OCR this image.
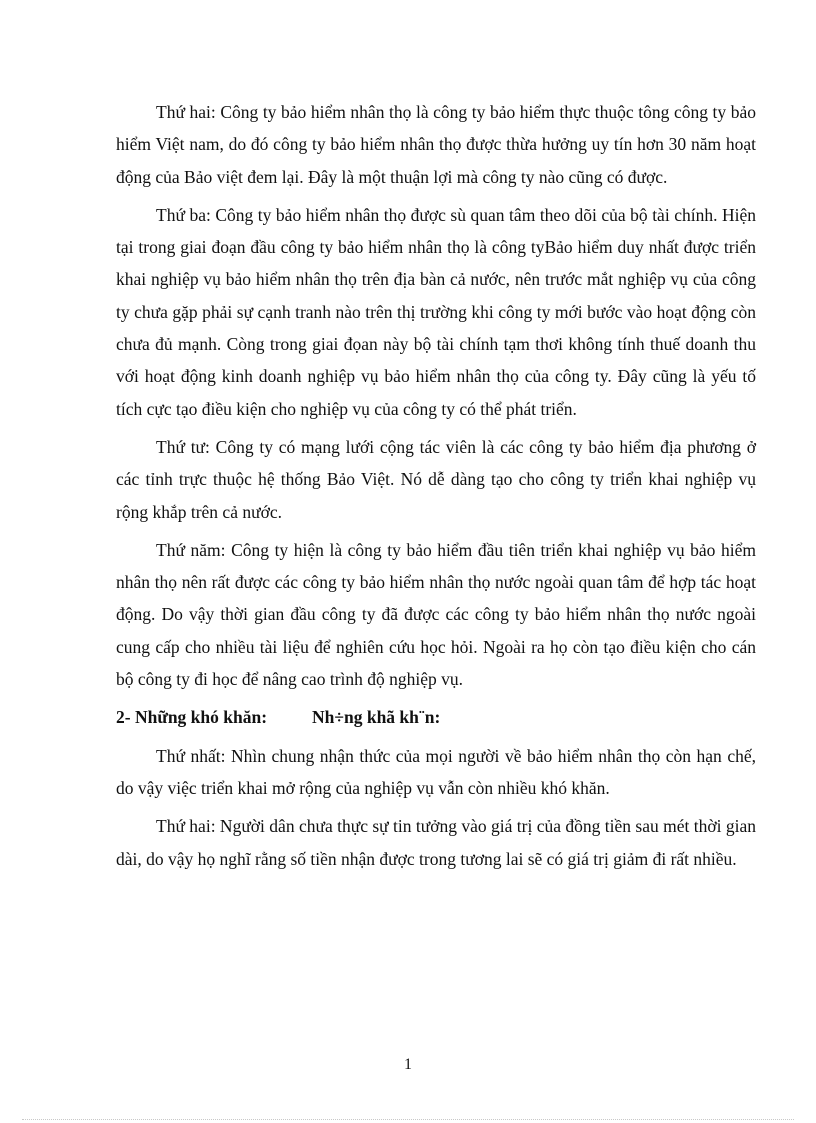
Thứ hai: Công ty bảo hiểm nhân thọ là công ty bảo hiểm thực thuộc tông công ty bảo hiểm Việt nam, do đó công ty bảo hiểm nhân thọ được thừa hưởng uy tín hơn 30 năm hoạt động của Bảo việt đem lại. Đây là một thuận lợi mà công ty nào cũng có được.

Thứ ba: Công ty bảo hiểm nhân thọ được sù quan tâm theo dõi của bộ tài chính. Hiện tại trong giai đoạn đầu công ty bảo hiểm nhân thọ là công tyBảo hiểm duy nhất được triển khai nghiệp vụ bảo hiểm nhân thọ trên địa bàn cả nước, nên trước mắt nghiệp vụ của công ty chưa gặp phải sự cạnh tranh nào trên thị trường khi công ty mới bước vào hoạt động còn chưa đủ mạnh. Còng trong giai đọan này bộ tài chính tạm thơi không tính thuế doanh thu với hoạt động kinh doanh nghiệp vụ bảo hiểm nhân thọ của công ty. Đây cũng là yếu tố tích cực tạo điều kiện cho nghiệp vụ của công ty có thể phát triển.

Thứ tư: Công ty có mạng lưới cộng tác viên là các công ty bảo hiểm địa phương ở các tỉnh trực thuộc hệ thống Bảo Việt. Nó dễ dàng tạo cho công ty triển khai nghiệp vụ rộng khắp trên cả nước.

Thứ năm: Công ty hiện là công ty bảo hiểm đầu tiên triển khai nghiệp vụ bảo hiểm nhân thọ nên rất được các công ty bảo hiểm nhân thọ nước ngoài quan tâm để hợp tác hoạt động. Do vậy thời gian đầu công ty đã được các công ty bảo hiểm nhân thọ nước ngoài cung cấp cho nhiều tài liệu để nghiên cứu học hỏi. Ngoài ra họ còn tạo điều kiện cho cán bộ công ty đi học để nâng cao trình độ nghiệp vụ.

2- Những khó khăn:	Nh÷ng khã kh¨n:

Thứ nhất: Nhìn chung nhận thức của mọi người về bảo hiểm nhân thọ còn hạn chế, do vậy việc triển khai mở rộng của nghiệp vụ vẫn còn nhiều khó khăn.

Thứ hai: Người dân chưa thực sự tin tưởng vào giá trị của đồng tiền sau mét thời gian dài, do vậy họ nghĩ rằng số tiền nhận được trong tương lai sẽ có giá trị giảm đi rất nhiều.

1
